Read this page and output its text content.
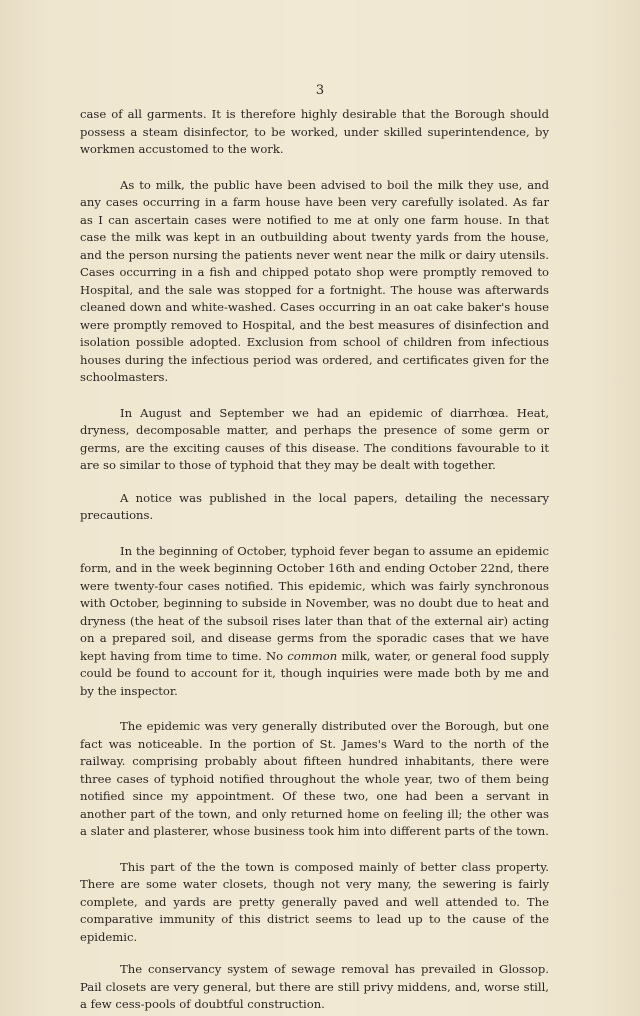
3

case of all garments. It is therefore highly desirable that the Borough should possess a steam disinfector, to be worked, under skilled superintendence, by workmen accustomed to the work.

As to milk, the public have been advised to boil the milk they use, and any cases occurring in a farm house have been very carefully isolated. As far as I can ascertain cases were notified to me at only one farm house. In that case the milk was kept in an outbuilding about twenty yards from the house, and the person nursing the patients never went near the milk or dairy utensils. Cases occurring in a fish and chipped potato shop were promptly removed to Hospital, and the sale was stopped for a fortnight. The house was afterwards cleaned down and white-washed. Cases occurring in an oat cake baker's house were promptly removed to Hospital, and the best measures of disinfection and isolation possible adopted. Exclusion from school of children from infectious houses during the infectious period was ordered, and certificates given for the schoolmasters.

In August and September we had an epidemic of diarrhœa. Heat, dryness, decomposable matter, and perhaps the presence of some germ or germs, are the exciting causes of this disease. The conditions favourable to it are so similar to those of typhoid that they may be dealt with together.

A notice was published in the local papers, detailing the necessary precautions.

In the beginning of October, typhoid fever began to assume an epidemic form, and in the week beginning October 16th and ending October 22nd, there were twenty-four cases notified. This epidemic, which was fairly synchronous with October, beginning to subside in November, was no doubt due to heat and dryness (the heat of the subsoil rises later than that of the external air) acting on a prepared soil, and disease germs from the sporadic cases that we have kept having from time to time. No common milk, water, or general food supply could be found to account for it, though inquiries were made both by me and by the inspector.

The epidemic was very generally distributed over the Borough, but one fact was noticeable. In the portion of St. James's Ward to the north of the railway. comprising probably about fifteen hundred inhabitants, there were three cases of typhoid notified throughout the whole year, two of them being notified since my appointment. Of these two, one had been a servant in another part of the town, and only returned home on feeling ill; the other was a slater and plasterer, whose business took him into different parts of the town.

This part of the the town is composed mainly of better class property. There are some water closets, though not very many, the sewering is fairly complete, and yards are pretty generally paved and well attended to. The comparative immunity of this district seems to lead up to the cause of the epidemic.

The conservancy system of sewage removal has prevailed in Glossop. Pail closets are very general, but there are still privy middens, and, worse still, a few cess-pools of doubtful construction.
